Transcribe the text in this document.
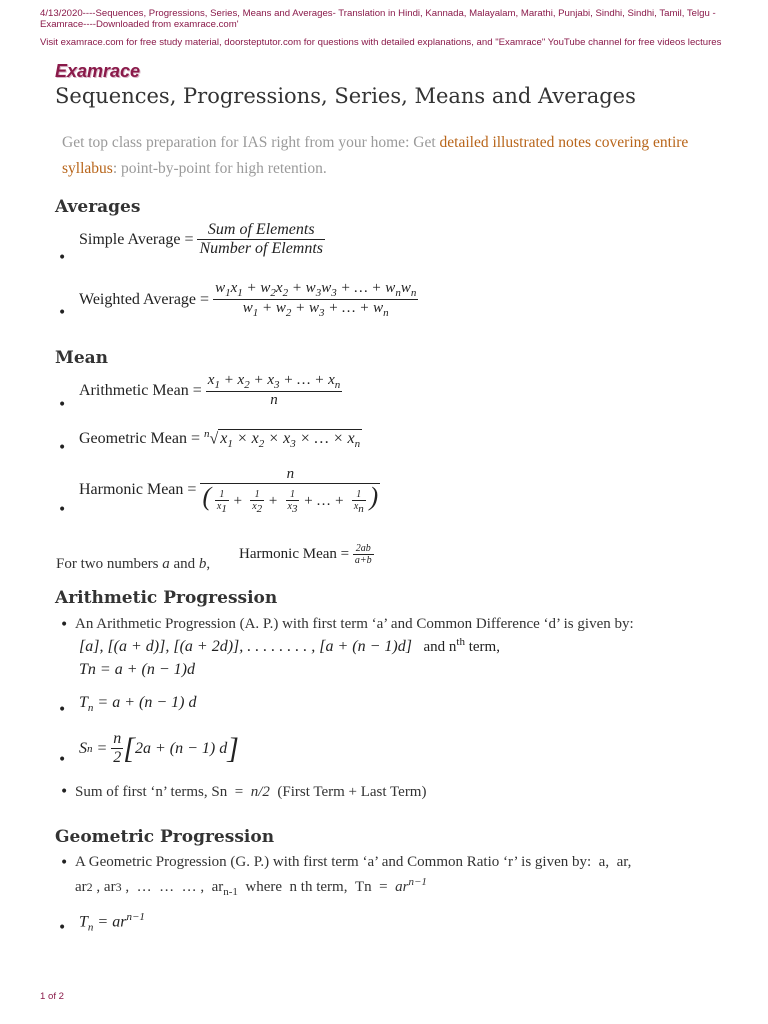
4/13/2020----Sequences, Progressions, Series, Means and Averages- Translation in Hindi, Kannada, Malayalam, Marathi, Punjabi, Sindhi, Sindhi, Tamil, Telgu - Examrace----Downloaded from examrace.com'
Visit examrace.com for free study material, doorsteptutor.com for questions with detailed explanations, and "Examrace" YouTube channel for free videos lectures
Examrace
Sequences, Progressions, Series, Means and Averages
Get top class preparation for IAS right from your home: Get detailed illustrated notes covering entire syllabus: point-by-point for high retention.
Averages
•
Simple Average =
$\frac{\text{Sum of Elements}}{\text{Number of Elemnts}}$
•
Weighted Average =
$\frac{w_1x_1 + w_2x_2 + w_3w_3 + \dots + w_nw_n}{w_1 + w_2 + w_3 + \dots + w_n}$
Mean
•
Arithmetic Mean =
$\frac{x_1 + x_2 + x_3 + \dots + x_n}{n}$
•
Geometric Mean =
$^n$√ $x_1 \times x_2 \times x_3$ × … × $x_n$
•
Harmonic Mean =

n
( $\frac{1}{x_1} + \frac{1}{x_2} + \frac{1}{x_3}$ + … + $\frac{1}{x_n}$ )
For two numbers a and b,
Harmonic Mean =
$\frac{2ab}{a+b}$
Arithmetic Progression
• An Arithmetic Progression (A. P.) with first term ‘a’ and Common Difference ‘d’ is given by:
[a], [(a + d)], [(a + 2d)], . . . . . . . . , [a + (n − 1)d] and $n^{th}$ term,
Tn = a + (n − 1)d
• $T_n = a + (n - 1)$ d
•
S $n = \frac{n}{2}$ [ 2a + (n − 1) d ]
• Sum of first ‘n’ terms, Sn  =  n/2 (First Term + Last Term)
Geometric Progression
• A Geometric Progression (G. P.) with first term ‘a’ and Common Ratio ‘r’ is given by:  a,  ar,
ar2 , ar3 ,  …  …  … ,  $ar_{n-1}$ where  n th term, $Tn = ar^{n-1}$
• $T_n = ar^{n-1}$
1 of 2
